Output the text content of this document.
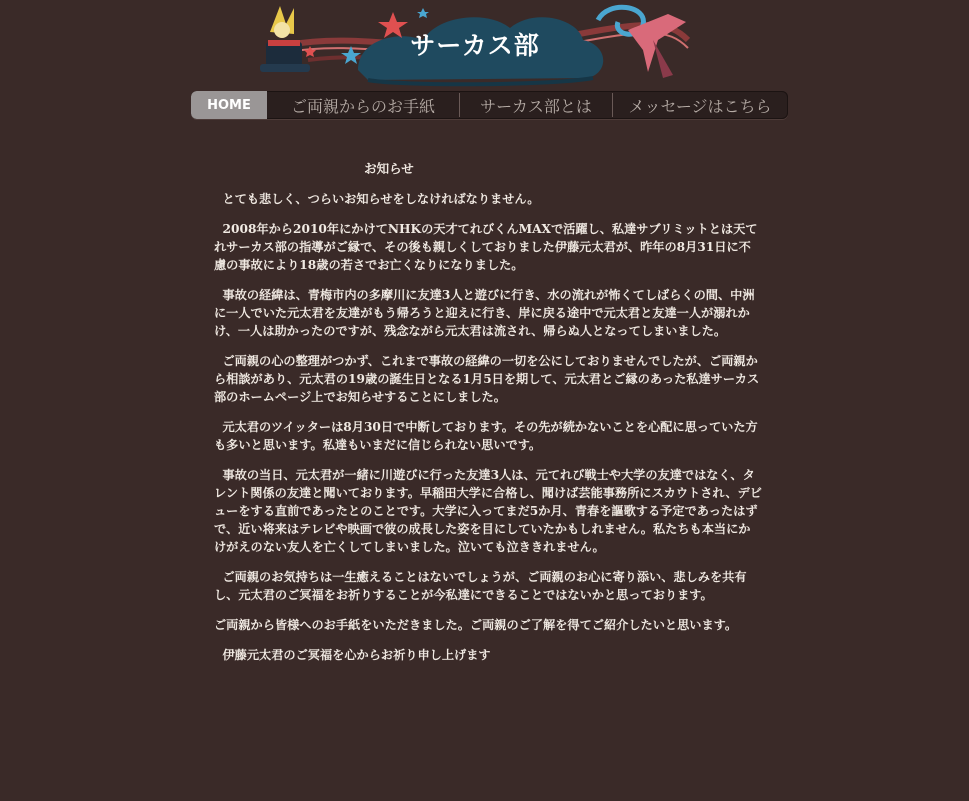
サーカス部
HOME	ご両親からのお手紙	サーカス部とは	メッセージはこちら
お知らせ

とても悲しく、つらいお知らせをしなければなりません。

2008年から2010年にかけてNHKの天才てれびくんMAXで活躍し、私達サブリミットとは天てれサーカス部の指導がご縁で、その後も親しくしておりました伊藤元太君が、昨年の8月31日に不慮の事故により18歳の若さでお亡くなりになりました。

事故の経緯は、青梅市内の多摩川に友達3人と遊びに行き、水の流れが怖くてしばらくの間、中洲に一人でいた元太君を友達がもう帰ろうと迎えに行き、岸に戻る途中で元太君と友達一人が溺れかけ、一人は助かったのですが、残念ながら元太君は流され、帰らぬ人となってしまいました。

ご両親の心の整理がつかず、これまで事故の経緯の一切を公にしておりませんでしたが、ご両親から相談があり、元太君の19歳の誕生日となる1月5日を期して、元太君とご縁のあった私達サーカス部のホームページ上でお知らせすることにしました。

元太君のツイッターは8月30日で中断しております。その先が続かないことを心配に思っていた方も多いと思います。私達もいまだに信じられない思いです。

事故の当日、元太君が一緒に川遊びに行った友達3人は、元てれび戦士や大学の友達ではなく、タレント関係の友達と聞いております。早稲田大学に合格し、聞けば芸能事務所にスカウトされ、デビューをする直前であったとのことです。大学に入ってまだ5か月、青春を謳歌する予定であったはずで、近い将来はテレビや映画で彼の成長した姿を目にしていたかもしれません。私たちも本当にかけがえのない友人を亡くしてしまいました。泣いても泣ききれません。

ご両親のお気持ちは一生癒えることはないでしょうが、ご両親のお心に寄り添い、悲しみを共有し、元太君のご冥福をお祈りすることが今私達にできることではないかと思っております。

ご両親から皆様へのお手紙をいただきました。ご両親のご了解を得てご紹介したいと思います。

伊藤元太君のご冥福を心からお祈り申し上げます
